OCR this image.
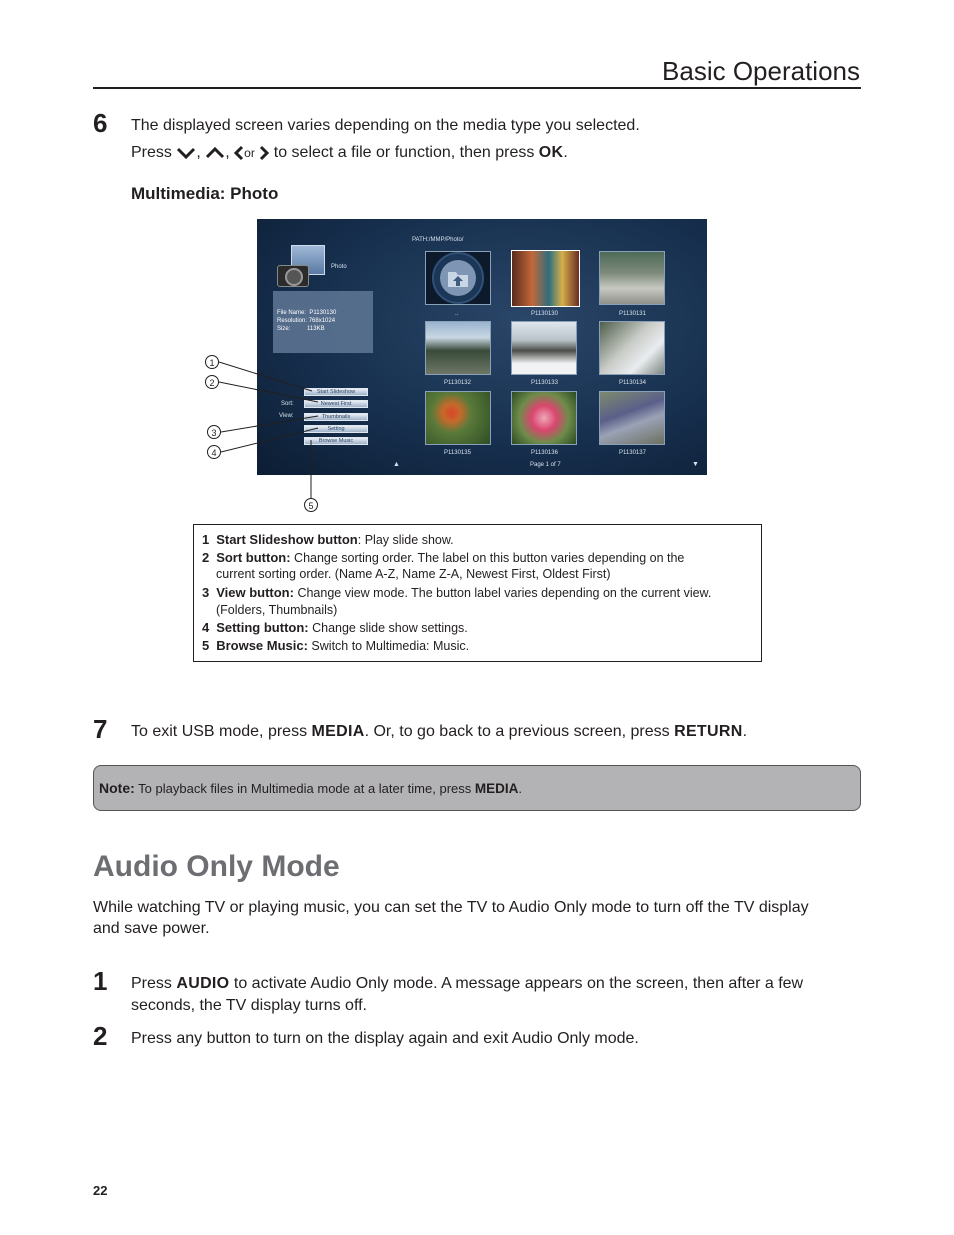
Basic Operations
6 The displayed screen varies depending on the media type you selected.
Press , , or to select a file or function, then press OK.
Multimedia: Photo
PATH:/MMP/Photo/
Photo
File Name: P1130130
Resolution: 768x1024
Size:	113KB
Start Slideshow
Sort:	Newest First
View:	Thumbnails
Setting
Browse Music
..	P1130130	P1130131
P1130132	P1130133	P1130134
P1130135	P1130136	P1130137
▲	Page 1 of 7	▼
1
2
3
4
5
1 Start Slideshow button: Play slide show.
2 Sort button: Change sorting order. The label on this button varies depending on the
current sorting order. (Name A-Z, Name Z-A, Newest First, Oldest First)
3 View button: Change view mode. The button label varies depending on the current view.
(Folders, Thumbnails)
4 Setting button: Change slide show settings.
5 Browse Music: Switch to Multimedia: Music.
7 To exit USB mode, press MEDIA. Or, to go back to a previous screen, press RETURN.
Note: To playback files in Multimedia mode at a later time, press MEDIA.
Audio Only Mode
While watching TV or playing music, you can set the TV to Audio Only mode to turn off the TV display
and save power.
1 Press AUDIO to activate Audio Only mode. A message appears on the screen, then after a few
seconds, the TV display turns off.
2 Press any button to turn on the display again and exit Audio Only mode.
22
